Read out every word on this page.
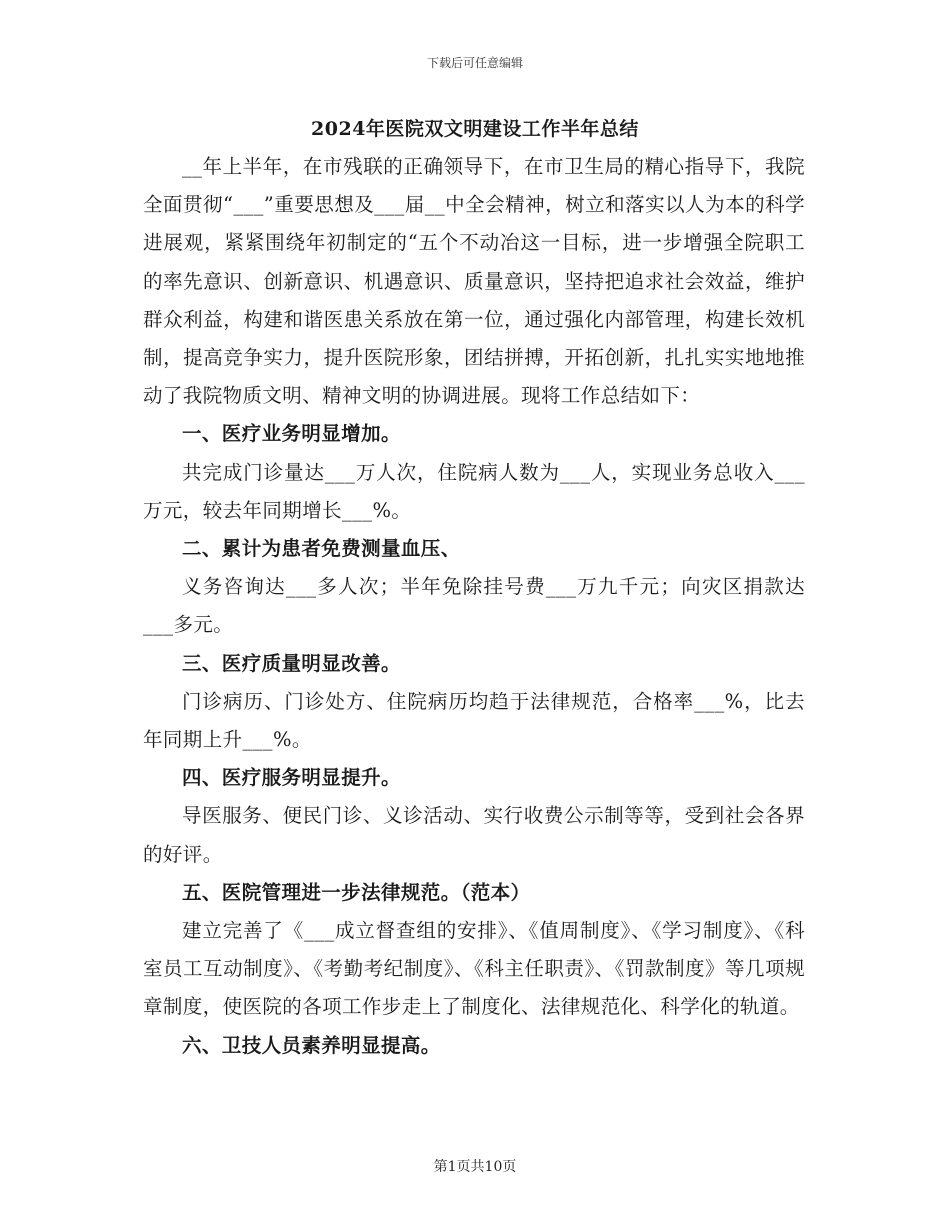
下载后可任意编辑
2024年医院双文明建设工作半年总结

__年上半年，在市残联的正确领导下，在市卫生局的精心指导下，我院全面贯彻“___”重要思想及___届__中全会精神，树立和落实以人为本的科学进展观，紧紧围绕年初制定的“五个不动冶这一目标，进一步增强全院职工的率先意识、创新意识、机遇意识、质量意识，坚持把追求社会效益，维护群众利益，构建和谐医患关系放在第一位，通过强化内部管理，构建长效机制，提高竞争实力，提升医院形象，团结拼搏，开拓创新，扎扎实实地地推动了我院物质文明、精神文明的协调进展。现将工作总结如下：

一、医疗业务明显增加。

共完成门诊量达___万人次，住院病人数为___人，实现业务总收入___万元，较去年同期增长___%。

二、累计为患者免费测量血压、

义务咨询达___多人次；半年免除挂号费___万九千元；向灾区捐款达___多元。

三、医疗质量明显改善。

门诊病历、门诊处方、住院病历均趋于法律规范，合格率___%，比去年同期上升___%。

四、医疗服务明显提升。

导医服务、便民门诊、义诊活动、实行收费公示制等等，受到社会各界的好评。

五、医院管理进一步法律规范。（范本）

建立完善了《___成立督查组的安排》、《值周制度》、《学习制度》、《科室员工互动制度》、《考勤考纪制度》、《科主任职责》、《罚款制度》等几项规章制度，使医院的各项工作步走上了制度化、法律规范化、科学化的轨道。

六、卫技人员素养明显提高。

第1页共10页
